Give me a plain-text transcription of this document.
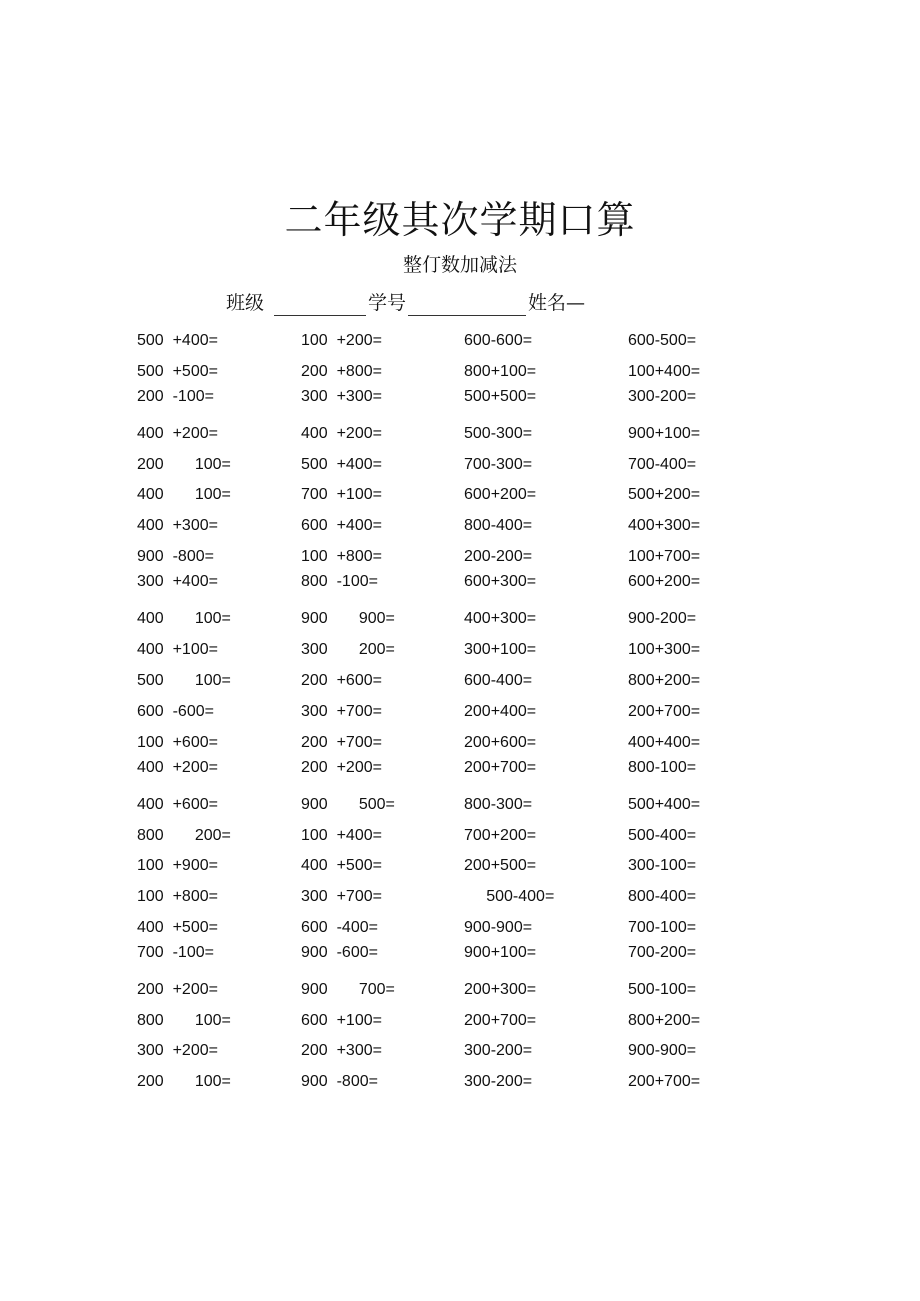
二年级其次学期口算
整仃数加减法
班级	学号	姓名—
500  +400=	100  +200=	600-600=	600-500=
500  +500=	200  +800=	800+100=	100+400=
200  -100=	300  +300=	500+500=	300-200=
400  +200=	400  +200=	500-300=	900+100=
200       100=	500  +400=	700-300=	700-400=
400       100=	700  +100=	600+200=	500+200=
400  +300=	600  +400=	800-400=	400+300=
900  -800=	100  +800=	200-200=	100+700=
300  +400=	800  -100=	600+300=	600+200=
400       100=	900       900=	400+300=	900-200=
400  +100=	300       200=	300+100=	100+300=
500       100=	200  +600=	600-400=	800+200=
600  -600=	300  +700=	200+400=	200+700=
100  +600=	200  +700=	200+600=	400+400=
400  +200=	200  +200=	200+700=	800-100=
400  +600=	900       500=	800-300=	500+400=
800       200=	100  +400=	700+200=	500-400=
100  +900=	400  +500=	200+500=	300-100=
100  +800=	300  +700=	500-400=	800-400=
400  +500=	600  -400=	900-900=	700-100=
700  -100=	900  -600=	900+100=	700-200=
200  +200=	900       700=	200+300=	500-100=
800       100=	600  +100=	200+700=	800+200=
300  +200=	200  +300=	300-200=	900-900=
200       100=	900  -800=	300-200=	200+700=
